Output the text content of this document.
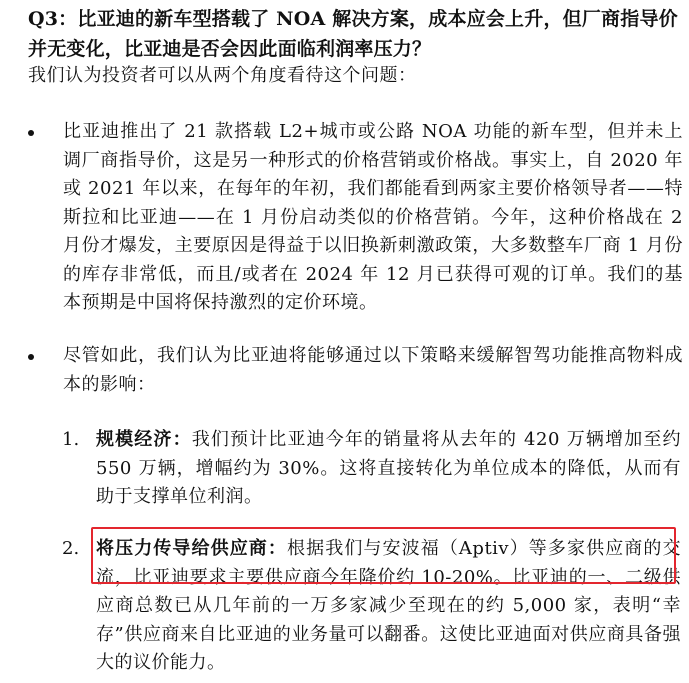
Q3：比亚迪的新车型搭载了 NOA 解决方案，成本应会上升，但厂商指导价并无变化，比亚迪是否会因此面临利润率压力？
我们认为投资者可以从两个角度看待这个问题：
比亚迪推出了 21 款搭载 L2+城市或公路 NOA 功能的新车型，但并未上调厂商指导价，这是另一种形式的价格营销或价格战。事实上，自 2020 年或 2021 年以来，在每年的年初，我们都能看到两家主要价格领导者——特斯拉和比亚迪——在 1 月份启动类似的价格营销。今年，这种价格战在 2 月份才爆发，主要原因是得益于以旧换新刺激政策，大多数整车厂商 1 月份的库存非常低，而且/或者在 2024 年 12 月已获得可观的订单。我们的基本预期是中国将保持激烈的定价环境。
尽管如此，我们认为比亚迪将能够通过以下策略来缓解智驾功能推高物料成本的影响：
1. 规模经济：我们预计比亚迪今年的销量将从去年的 420 万辆增加至约 550 万辆，增幅约为 30%。这将直接转化为单位成本的降低，从而有助于支撑单位利润。
2. 将压力传导给供应商：根据我们与安波福（Aptiv）等多家供应商的交流，比亚迪要求主要供应商今年降价约 10-20%。比亚迪的一、二级供应商总数已从几年前的一万多家减少至现在的约 5,000 家，表明“幸存”供应商来自比亚迪的业务量可以翻番。这使比亚迪面对供应商具备强大的议价能力。
